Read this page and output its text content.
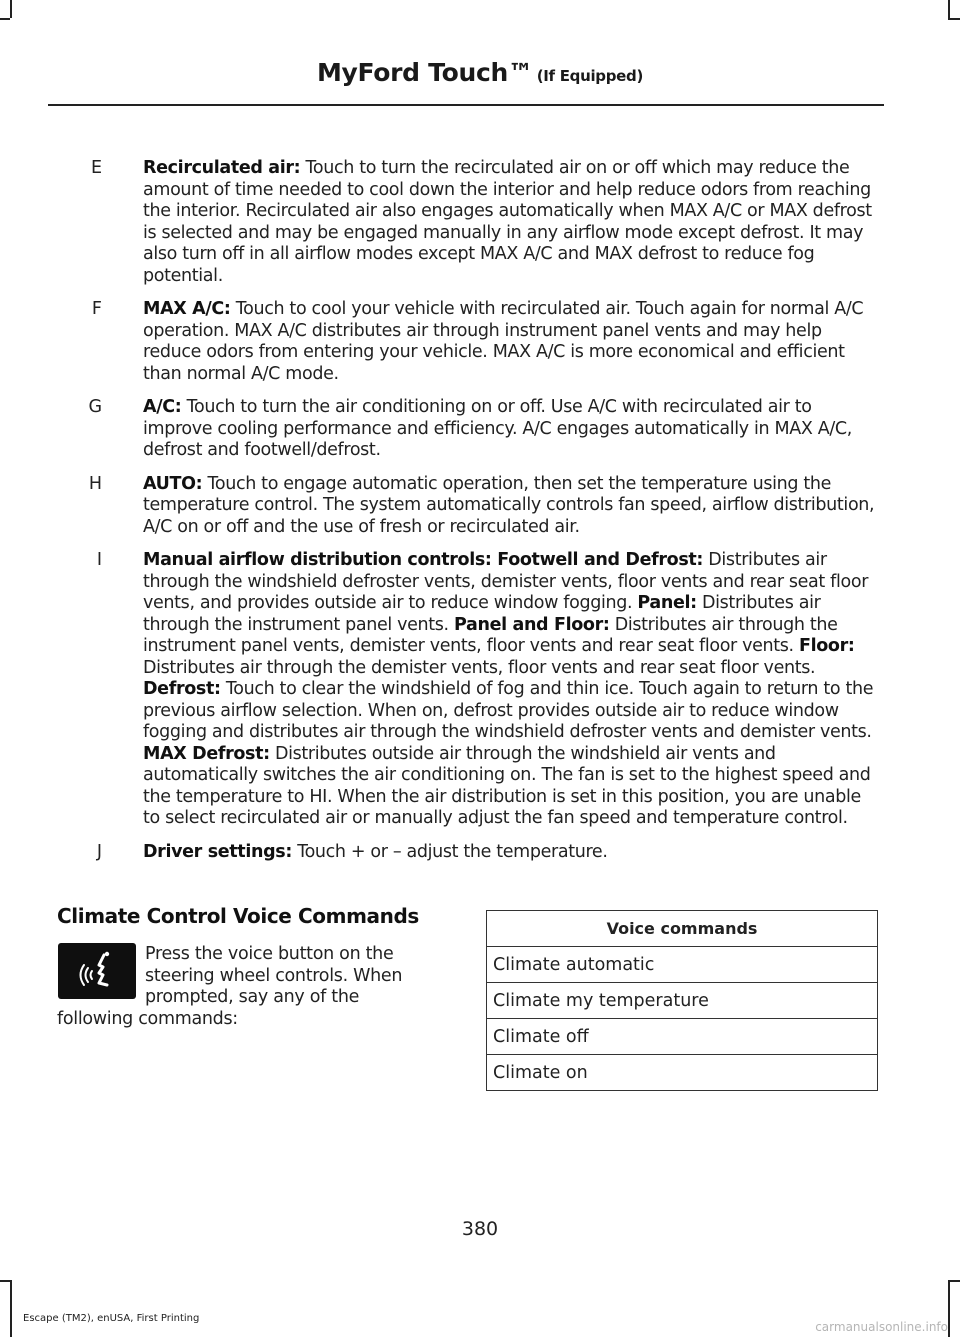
MyFord Touch™ (If Equipped)
E Recirculated air: Touch to turn the recirculated air on or off which may reduce the amount of time needed to cool down the interior and help reduce odors from reaching the interior. Recirculated air also engages automatically when MAX A/C or MAX defrost is selected and may be engaged manually in any airflow mode except defrost. It may also turn off in all airflow modes except MAX A/C and MAX defrost to reduce fog potential.
F MAX A/C: Touch to cool your vehicle with recirculated air. Touch again for normal A/C operation. MAX A/C distributes air through instrument panel vents and may help reduce odors from entering your vehicle. MAX A/C is more economical and efficient than normal A/C mode.
G A/C: Touch to turn the air conditioning on or off. Use A/C with recirculated air to improve cooling performance and efficiency. A/C engages automatically in MAX A/C, defrost and footwell/defrost.
H AUTO: Touch to engage automatic operation, then set the temperature using the temperature control. The system automatically controls fan speed, airflow distribution, A/C on or off and the use of fresh or recirculated air.
I Manual airflow distribution controls: Footwell and Defrost: Distributes air through the windshield defroster vents, demister vents, floor vents and rear seat floor vents, and provides outside air to reduce window fogging. Panel: Distributes air through the instrument panel vents. Panel and Floor: Distributes air through the instrument panel vents, demister vents, floor vents and rear seat floor vents. Floor: Distributes air through the demister vents, floor vents and rear seat floor vents. Defrost: Touch to clear the windshield of fog and thin ice. Touch again to return to the previous airflow selection. When on, defrost provides outside air to reduce window fogging and distributes air through the windshield defroster vents and demister vents. MAX Defrost: Distributes outside air through the windshield air vents and automatically switches the air conditioning on. The fan is set to the highest speed and the temperature to HI. When the air distribution is set in this position, you are unable to select recirculated air or manually adjust the fan speed and temperature control.
J Driver settings: Touch + or – adjust the temperature.
Climate Control Voice Commands
Press the voice button on the steering wheel controls. When prompted, say any of the
following commands:
Voice commands
Climate automatic
Climate my temperature
Climate off
Climate on
380
Escape (TM2), enUSA, First Printing
carmanualsonline.info
